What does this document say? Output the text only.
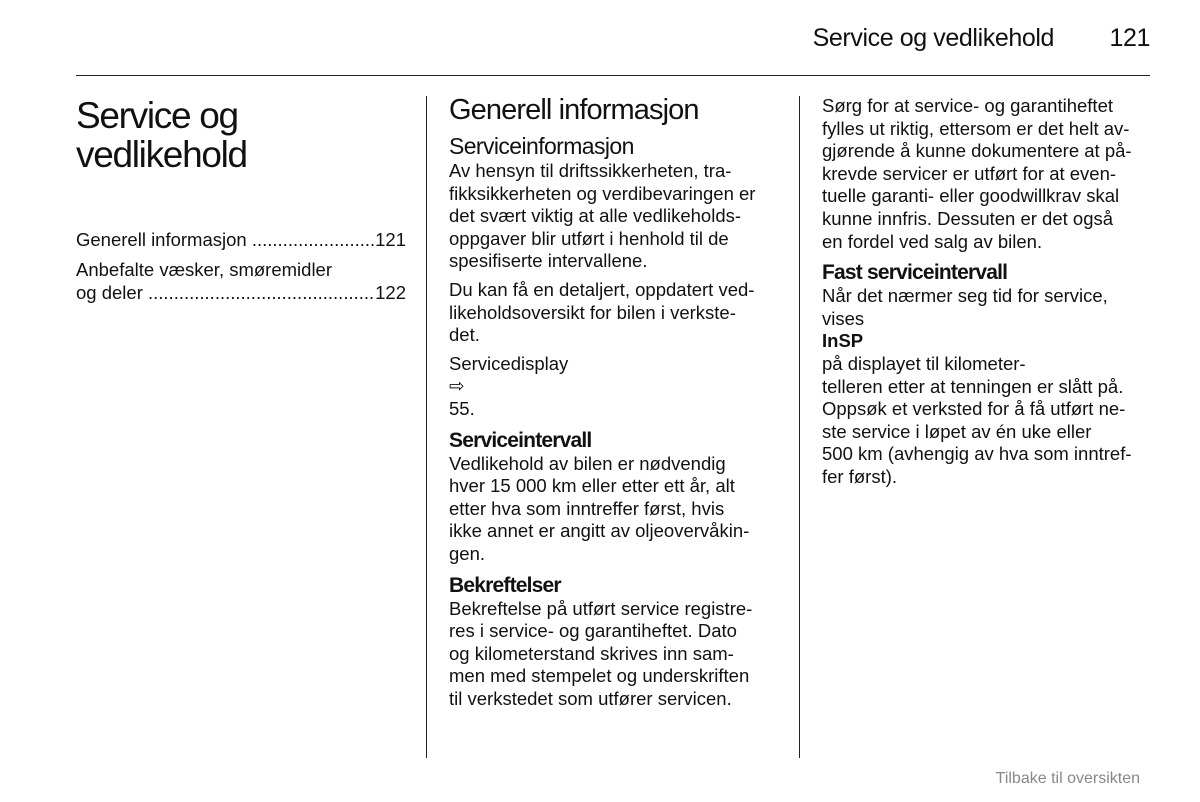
Service og vedlikehold 121
Service og
vedlikehold
Generell informasjon .....	121
Anbefalte væsker, smøremidler
og deler .....	122
Generell informasjon
Serviceinformasjon

Av hensyn til driftssikkerheten, tra-
fikksikkerheten og verdibevaringen er
det svært viktig at alle vedlikeholds-
oppgaver blir utført i henhold til de
spesifiserte intervallene.

Du kan få en detaljert, oppdatert ved-
likeholdsoversikt for bilen i verkste-
det.

Servicedisplay
⇨
55.

Serviceintervall

Vedlikehold av bilen er nødvendig
hver 15 000 km eller etter ett år, alt
etter hva som inntreffer først, hvis
ikke annet er angitt av oljeovervåkin-
gen.

Bekreftelser

Bekreftelse på utført service registre-
res i service- og garantiheftet. Dato
og kilometerstand skrives inn sam-
men med stempelet og underskriften
til verkstedet som utfører servicen.

Sørg for at service- og garantiheftet
fylles ut riktig, ettersom er det helt av-
gjørende å kunne dokumentere at på-
krevde servicer er utført for at even-
tuelle garanti- eller goodwillkrav skal
kunne innfris. Dessuten er det også
en fordel ved salg av bilen.

Fast serviceintervall

Når det nærmer seg tid for service,
vises
InSP
på displayet til kilometer-
telleren etter at tenningen er slått på.
Oppsøk et verksted for å få utført ne-
ste service i løpet av én uke eller
500 km (avhengig av hva som inntref-
fer først).

Tilbake til oversikten
